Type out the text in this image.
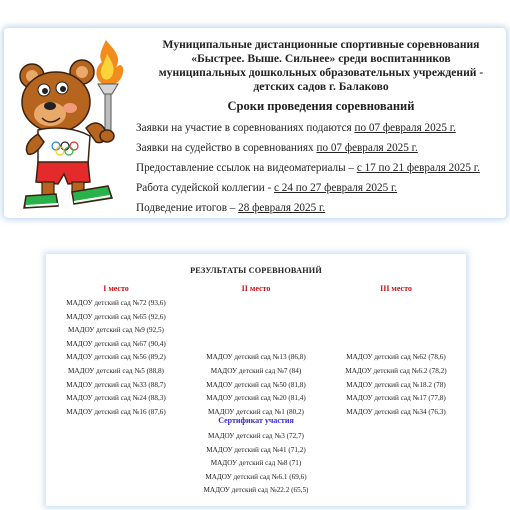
Муниципальные дистанционные спортивные соревнования
«Быстрее. Выше. Сильнее» среди воспитанников
муниципальных дошкольных образовательных учреждений -
детских садов г. Балаково

Сроки проведения соревнований

Заявки на участие в соревнованиях подаются по 07 февраля 2025 г.

Заявки на судейство в соревнованиях по 07 февраля 2025 г.

Предоставление ссылок на видеоматериалы – с 17 по 21 февраля 2025 г.

Работа судейской коллегии - с 24 по 27 февраля 2025 г.

Подведение итогов – 28 февраля 2025 г.

РЕЗУЛЬТАТЫ СОРЕВНОВАНИЙ
I место
МАДОУ детский сад №72 (93,6)
МАДОУ детский сад №65 (92,6)
МАДОУ детский сад №9 (92,5)
МАДОУ детский сад №67 (90,4)
МАДОУ детский сад №56 (89,2)
МАДОУ детский сад №5 (88,8)
МАДОУ детский сад №33 (88,7)
МАДОУ детский сад №24 (88,3)
МАДОУ детский сад №16 (87,6)
II место
МАДОУ детский сад №13 (86,8)
МАДОУ детский сад №7 (84)
МАДОУ детский сад №50 (81,8)
МАДОУ детский сад №20 (81,4)
МАДОУ детский сад №1 (80,2)
III место
МАДОУ детский сад №62 (78,6)
МАДОУ детский сад №6.2 (78,2)
МАДОУ детский сад №18.2 (78)
МАДОУ детский сад №17 (77,8)
МАДОУ детский сад №34 (76,3)
Сертификат участия
МАДОУ детский сад №3 (72,7)
МАДОУ детский сад №41 (71,2)
МАДОУ детский сад №8 (71)
МАДОУ детский сад №6.1 (69,6)
МАДОУ детский сад №22.2 (65,5)
